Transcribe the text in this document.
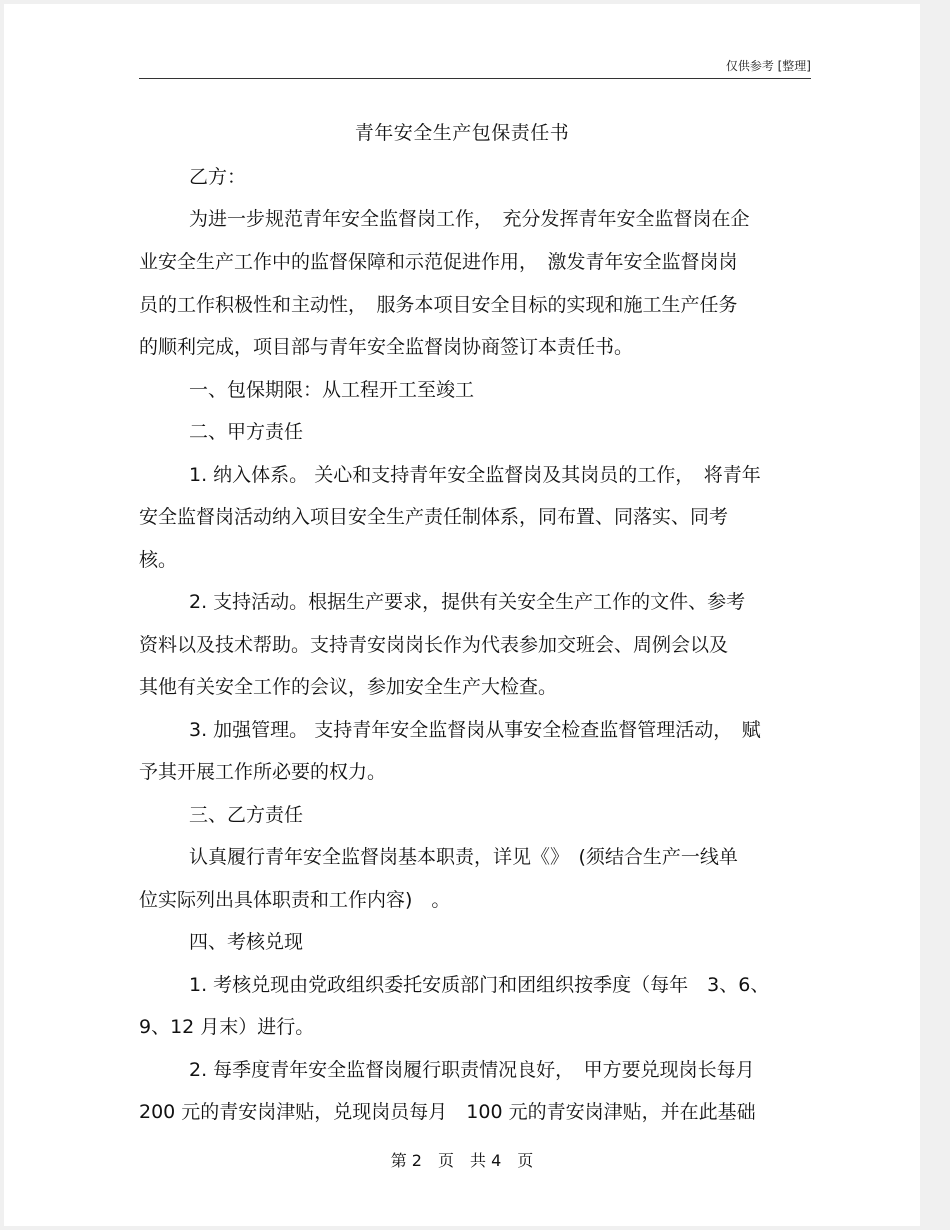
仅供参考 [整理]
青年安全生产包保责任书
乙方：
为进一步规范青年安全监督岗工作，　充分发挥青年安全监督岗在企
业安全生产工作中的监督保障和示范促进作用，　激发青年安全监督岗岗
员的工作积极性和主动性，　服务本项目安全目标的实现和施工生产任务
的顺利完成，项目部与青年安全监督岗协商签订本责任书。
一、包保期限：从工程开工至竣工
二、甲方责任
1. 纳入体系。 关心和支持青年安全监督岗及其岗员的工作，　将青年
安全监督岗活动纳入项目安全生产责任制体系，同布置、同落实、同考
核。
2. 支持活动。根据生产要求，提供有关安全生产工作的文件、参考
资料以及技术帮助。支持青安岗岗长作为代表参加交班会、周例会以及
其他有关安全工作的会议，参加安全生产大检查。
3. 加强管理。 支持青年安全监督岗从事安全检查监督管理活动，　赋
予其开展工作所必要的权力。
三、乙方责任
认真履行青年安全监督岗基本职责，详见《》　(须结合生产一线单
位实际列出具体职责和工作内容)　。
四、考核兑现
1. 考核兑现由党政组织委托安质部门和团组织按季度（每年　3、6、
9、12 月末）进行。
2. 每季度青年安全监督岗履行职责情况良好，　甲方要兑现岗长每月
200 元的青安岗津贴，兑现岗员每月　100 元的青安岗津贴，并在此基础
第 2　页　共 4　页
